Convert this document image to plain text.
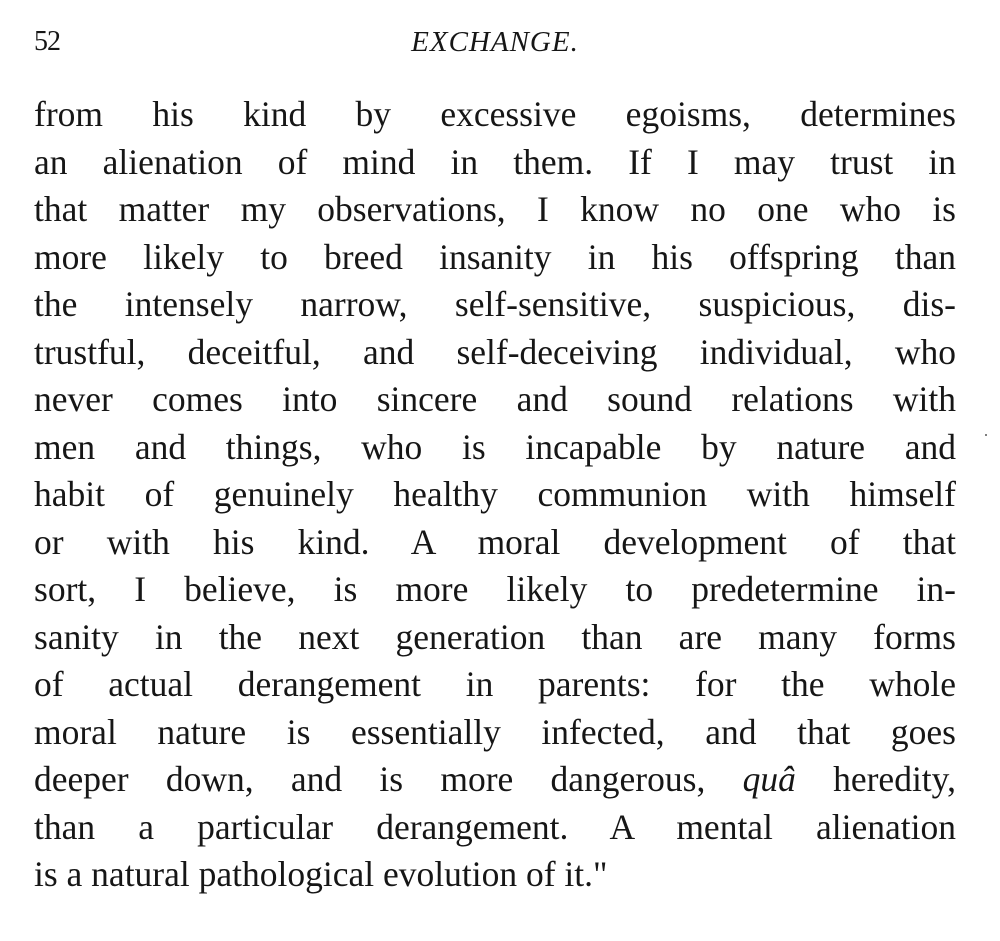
52	EXCHANGE.
from his kind by excessive egoisms, determines
an alienation of mind in them. If I may trust in
that matter my observations, I know no one who is
more likely to breed insanity in his offspring than
the intensely narrow, self-sensitive, suspicious, dis-
trustful, deceitful, and self-deceiving individual, who
never comes into sincere and sound relations with
men and things, who is incapable by nature and
habit of genuinely healthy communion with himself
or with his kind. A moral development of that
sort, I believe, is more likely to predetermine in-
sanity in the next generation than are many forms
of actual derangement in parents: for the whole
moral nature is essentially infected, and that goes
deeper down, and is more dangerous, quâ heredity,
than a particular derangement. A mental alienation
is a natural pathological evolution of it."
